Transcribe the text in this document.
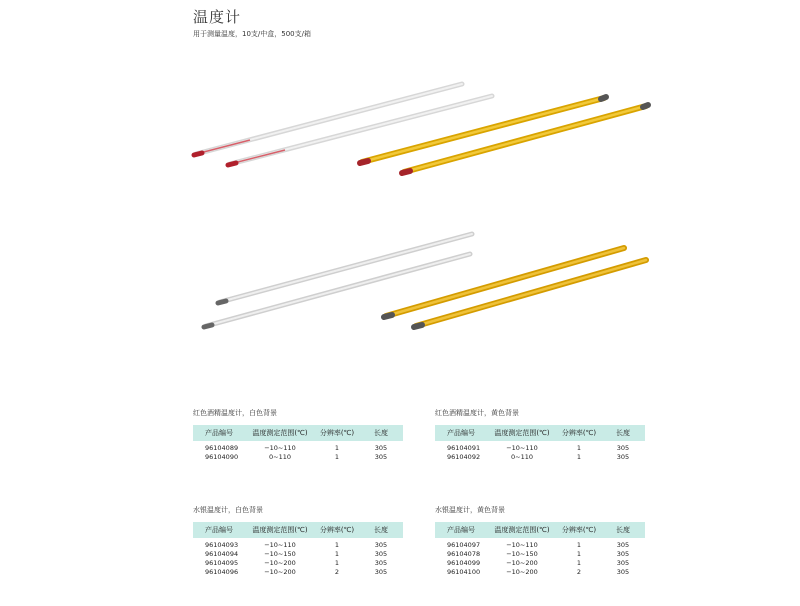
温度计
用于测量温度，10支/中盒，500支/箱
红色酒精温度计，白色背景
产品编号	温度测定范围(℃)	分辨率(℃)	长度
96104089	−10~110	1	305
96104090	0~110	1	305
红色酒精温度计，黄色背景
产品编号	温度测定范围(℃)	分辨率(℃)	长度
96104091	−10~110	1	305
96104092	0~110	1	305
水银温度计，白色背景
产品编号	温度测定范围(℃)	分辨率(℃)	长度
96104093	−10~110	1	305
96104094	−10~150	1	305
96104095	−10~200	1	305
96104096	−10~200	2	305
水银温度计，黄色背景
产品编号	温度测定范围(℃)	分辨率(℃)	长度
96104097	−10~110	1	305
96104078	−10~150	1	305
96104099	−10~200	1	305
96104100	−10~200	2	305
